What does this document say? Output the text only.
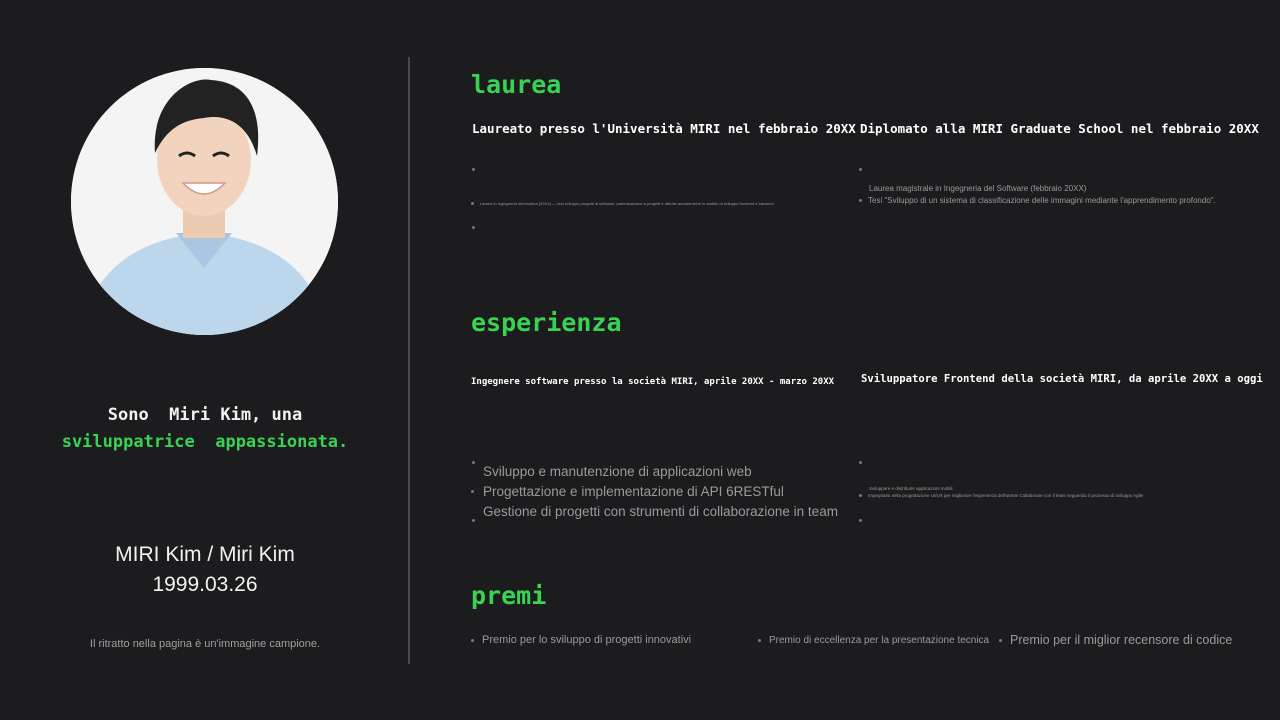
Sono  Miri Kim, una
sviluppatrice  appassionata.
MIRI Kim / Miri Kim
1999.03.26
Il ritratto nella pagina è un'immagine campione.
laurea
Laureato presso l'Università MIRI nel febbraio 20XX Diplomato alla MIRI Graduate School nel febbraio 20XX
Laurea in Ingegneria Informatica (20XX) — tesi sviluppo progetti di software, partecipazione a progetti e attività accademiche in ambito di sviluppo frontend e backend
Laurea magistrale in Ingegneria del Software (febbraio 20XX)
Tesi "Sviluppo di un sistema di classificazione delle immagini mediante l'apprendimento profondo".
esperienza
Ingegnere software presso la società MIRI, aprile 20XX - marzo 20XX	Sviluppatore Frontend della società MIRI, da aprile 20XX a oggi
Sviluppo e manutenzione di applicazioni web
Progettazione e implementazione di API 6RESTful
Gestione di progetti con strumenti di collaborazione in team
Sviluppare e distribuire applicazioni mobili
Impegnarsi nella progettazione UI/UX per migliorare l'esperienza dell'utente Collaborare con il team seguendo il processo di sviluppo Agile
premi
Premio per lo sviluppo di progetti innovativi	Premio di eccellenza per la presentazione tecnica Premio per il miglior recensore di codice
